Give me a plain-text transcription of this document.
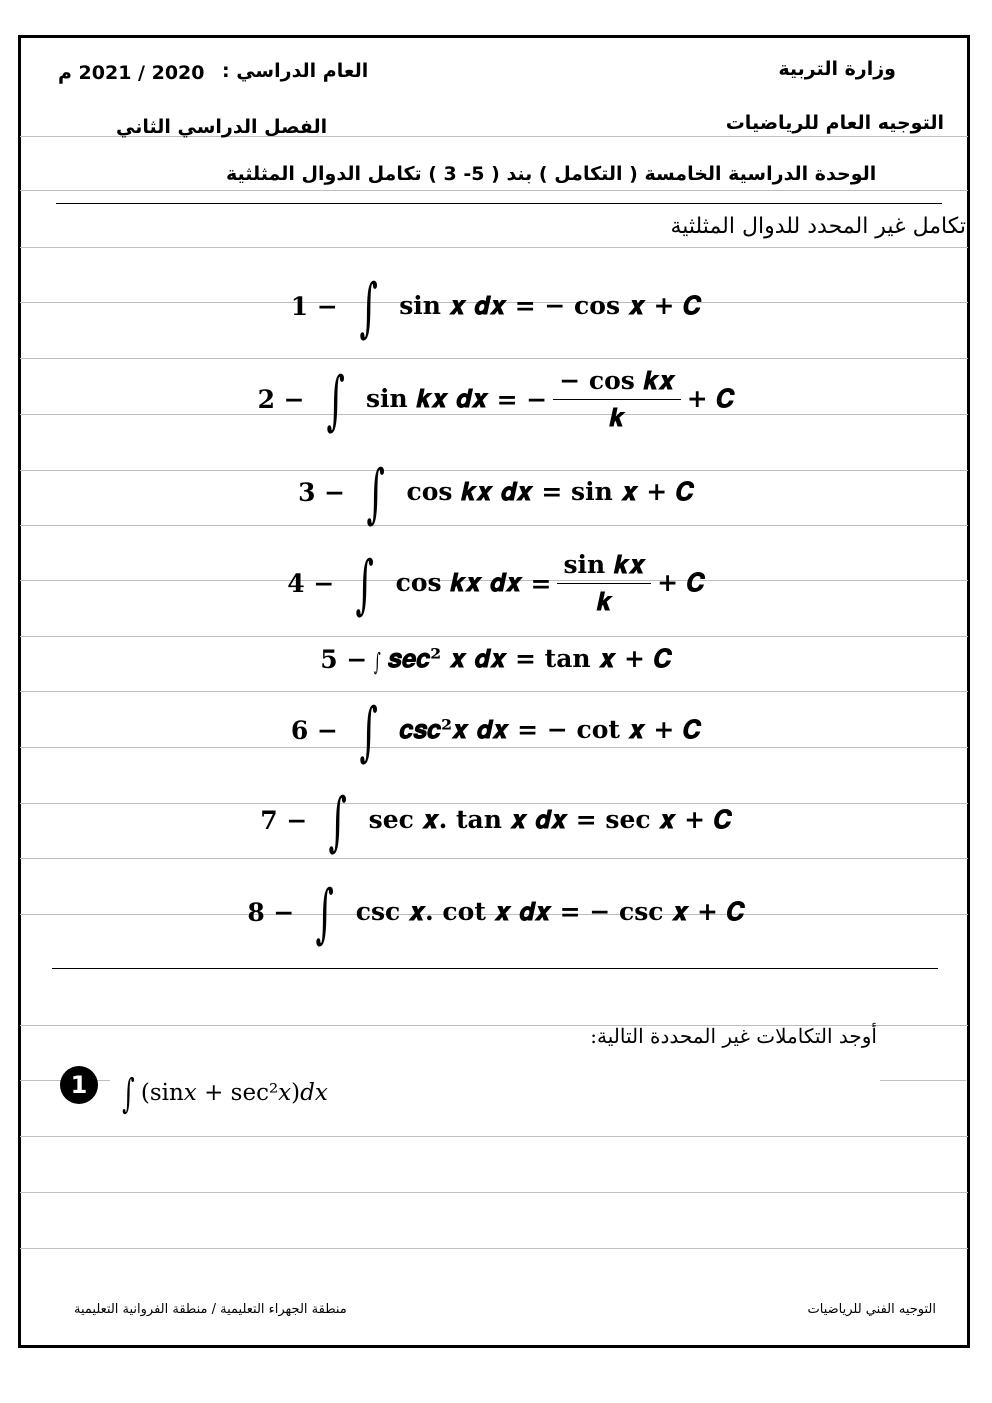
وزارة التربية
العام الدراسي :
2020 / 2021 م
التوجيه العام للرياضيات
الفصل الدراسي الثاني
الوحدة الدراسية الخامسة ( التكامل ) بند ( 5- 3 ) تكامل الدوال المثلثية
تكامل غير المحدد للدوال المثلثية
1 − ∫ sin 𝒙 𝒅𝒙
= − cos 𝒙 + 𝑪
2 − ∫ sin 𝒌𝒙 𝒅𝒙
= − $\frac{\text{− cos 𝒌𝒙}}{\text{𝒌}}$ + 𝑪
3 − ∫ cos 𝒌𝒙 𝒅𝒙
= sin 𝒙 + 𝑪
4 − ∫ cos 𝒌𝒙 𝒅𝒙
= $\frac{\text{sin 𝒌𝒙}}{\text{𝒌}}$ + 𝑪
5 − ∫ 𝒔𝒆𝒄² 𝒙 𝒅𝒙
= tan 𝒙 + 𝑪
6 − ∫ 𝒄𝒔𝒄²𝒙 𝒅𝒙
= − cot 𝒙 + 𝑪
7 − ∫ sec 𝒙. tan 𝒙 𝒅𝒙
= sec 𝒙 + 𝑪
8 − ∫ csc 𝒙. cot 𝒙 𝒅𝒙
= − csc 𝒙 + 𝑪
أوجد التكاملات غير المحددة التالية:
1 ∫ (sin𝑥 + sec²𝑥)𝑑𝑥
التوجيه الفني للرياضيات
منطقة الجهراء التعليمية / منطقة الفروانية التعليمية
